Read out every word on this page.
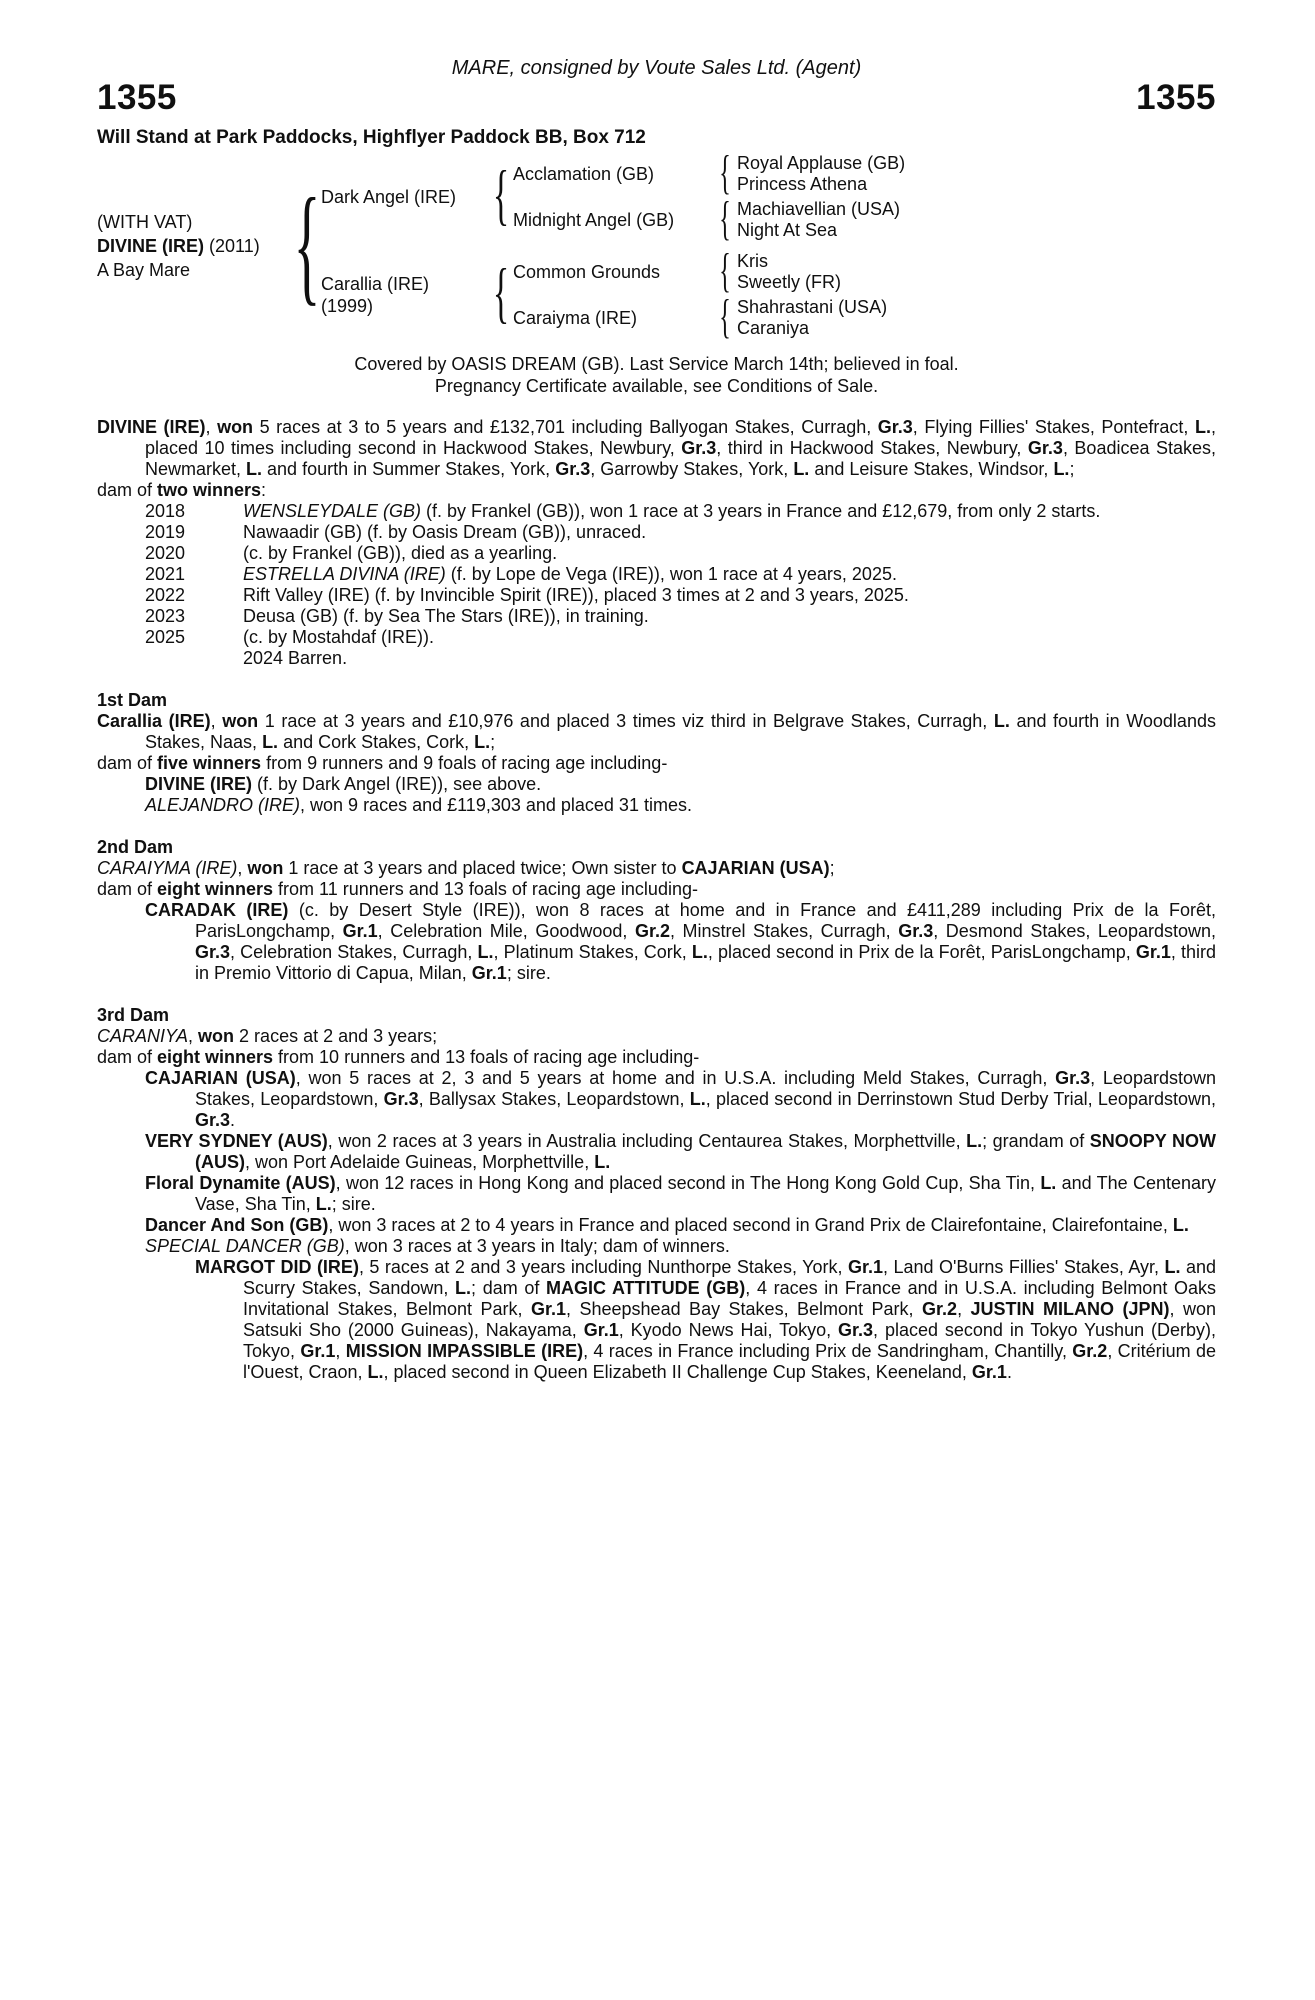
MARE, consigned by Voute Sales Ltd. (Agent)
1355	1355
Will Stand at Park Paddocks, Highflyer Paddock BB, Box 712
(WITH VAT)
DIVINE (IRE) (2011)
A Bay Mare	{ Dark Angel (IRE)	{ Acclamation (GB)	{ Royal Applause (GB)
Princess Athena
Midnight Angel (GB)	{ Machiavellian (USA)
Night At Sea
Carallia (IRE)
(1999)	{ Common Grounds	{ Kris
Sweetly (FR)
Caraiyma (IRE)	{ Shahrastani (USA)
Caraniya
Covered by OASIS DREAM (GB). Last Service March 14th; believed in foal.
Pregnancy Certificate available, see Conditions of Sale.
DIVINE (IRE), won 5 races at 3 to 5 years and £132,701 including Ballyogan Stakes, Curragh, Gr.3, Flying Fillies' Stakes, Pontefract, L., placed 10 times including second in Hackwood Stakes, Newbury, Gr.3, third in Hackwood Stakes, Newbury, Gr.3, Boadicea Stakes, Newmarket, L. and fourth in Summer Stakes, York, Gr.3, Garrowby Stakes, York, L. and Leisure Stakes, Windsor, L.;
dam of two winners:
2018	WENSLEYDALE (GB) (f. by Frankel (GB)), won 1 race at 3 years in France and £12,679, from only 2 starts.
2019	Nawaadir (GB) (f. by Oasis Dream (GB)), unraced.
2020	(c. by Frankel (GB)), died as a yearling.
2021	ESTRELLA DIVINA (IRE) (f. by Lope de Vega (IRE)), won 1 race at 4 years, 2025.
2022	Rift Valley (IRE) (f. by Invincible Spirit (IRE)), placed 3 times at 2 and 3 years, 2025.
2023	Deusa (GB) (f. by Sea The Stars (IRE)), in training.
2025	(c. by Mostahdaf (IRE)).
2024 Barren.
1st Dam
Carallia (IRE), won 1 race at 3 years and £10,976 and placed 3 times viz third in Belgrave Stakes, Curragh, L. and fourth in Woodlands Stakes, Naas, L. and Cork Stakes, Cork, L.;
dam of five winners from 9 runners and 9 foals of racing age including-
DIVINE (IRE) (f. by Dark Angel (IRE)), see above.
ALEJANDRO (IRE), won 9 races and £119,303 and placed 31 times.
2nd Dam
CARAIYMA (IRE), won 1 race at 3 years and placed twice; Own sister to CAJARIAN (USA);
dam of eight winners from 11 runners and 13 foals of racing age including-
CARADAK (IRE) (c. by Desert Style (IRE)), won 8 races at home and in France and £411,289 including Prix de la Forêt, ParisLongchamp, Gr.1, Celebration Mile, Goodwood, Gr.2, Minstrel Stakes, Curragh, Gr.3, Desmond Stakes, Leopardstown, Gr.3, Celebration Stakes, Curragh, L., Platinum Stakes, Cork, L., placed second in Prix de la Forêt, ParisLongchamp, Gr.1, third in Premio Vittorio di Capua, Milan, Gr.1; sire.
3rd Dam
CARANIYA, won 2 races at 2 and 3 years;
dam of eight winners from 10 runners and 13 foals of racing age including-
CAJARIAN (USA), won 5 races at 2, 3 and 5 years at home and in U.S.A. including Meld Stakes, Curragh, Gr.3, Leopardstown Stakes, Leopardstown, Gr.3, Ballysax Stakes, Leopardstown, L., placed second in Derrinstown Stud Derby Trial, Leopardstown, Gr.3.
VERY SYDNEY (AUS), won 2 races at 3 years in Australia including Centaurea Stakes, Morphettville, L.; grandam of SNOOPY NOW (AUS), won Port Adelaide Guineas, Morphettville, L.
Floral Dynamite (AUS), won 12 races in Hong Kong and placed second in The Hong Kong Gold Cup, Sha Tin, L. and The Centenary Vase, Sha Tin, L.; sire.
Dancer And Son (GB), won 3 races at 2 to 4 years in France and placed second in Grand Prix de Clairefontaine, Clairefontaine, L.
SPECIAL DANCER (GB), won 3 races at 3 years in Italy; dam of winners.
MARGOT DID (IRE), 5 races at 2 and 3 years including Nunthorpe Stakes, York, Gr.1, Land O'Burns Fillies' Stakes, Ayr, L. and Scurry Stakes, Sandown, L.; dam of MAGIC ATTITUDE (GB), 4 races in France and in U.S.A. including Belmont Oaks Invitational Stakes, Belmont Park, Gr.1, Sheepshead Bay Stakes, Belmont Park, Gr.2, JUSTIN MILANO (JPN), won Satsuki Sho (2000 Guineas), Nakayama, Gr.1, Kyodo News Hai, Tokyo, Gr.3, placed second in Tokyo Yushun (Derby), Tokyo, Gr.1, MISSION IMPASSIBLE (IRE), 4 races in France including Prix de Sandringham, Chantilly, Gr.2, Critérium de l'Ouest, Craon, L., placed second in Queen Elizabeth II Challenge Cup Stakes, Keeneland, Gr.1.
